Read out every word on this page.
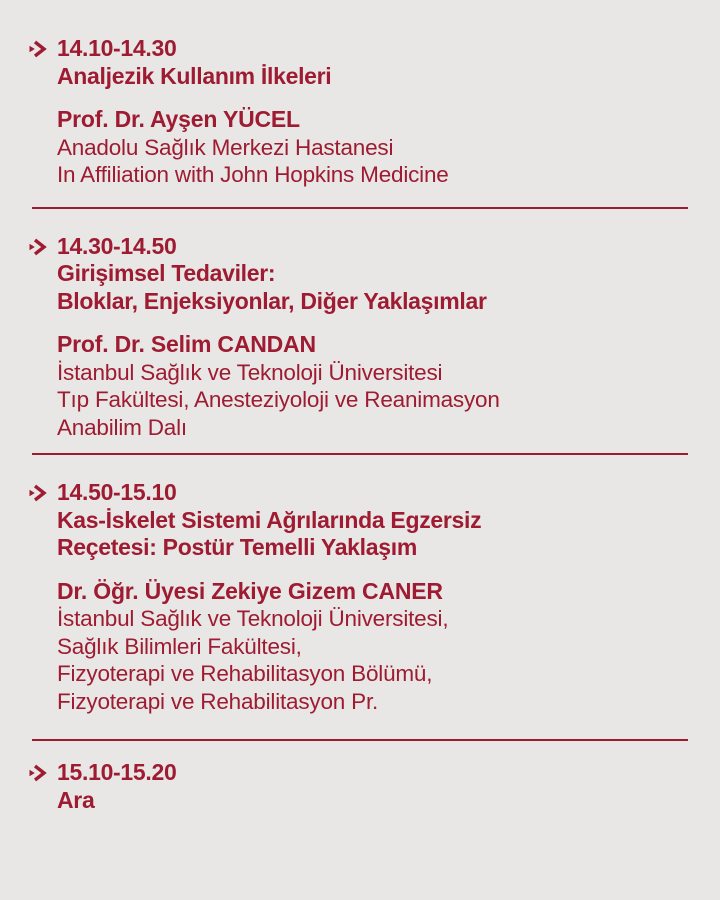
14.10-14.30
Analjezik Kullanım İlkeleri
Prof. Dr. Ayşen YÜCEL
Anadolu Sağlık Merkezi Hastanesi
In Affiliation with John Hopkins Medicine
14.30-14.50
Girişimsel Tedaviler:
Bloklar, Enjeksiyonlar, Diğer Yaklaşımlar
Prof. Dr. Selim CANDAN
İstanbul Sağlık ve Teknoloji Üniversitesi
Tıp Fakültesi, Anesteziyoloji ve Reanimasyon
Anabilim Dalı
14.50-15.10
Kas-İskelet Sistemi Ağrılarında Egzersiz
Reçetesi: Postür Temelli Yaklaşım
Dr. Öğr. Üyesi Zekiye Gizem CANER
İstanbul Sağlık ve Teknoloji Üniversitesi,
Sağlık Bilimleri Fakültesi,
Fizyoterapi ve Rehabilitasyon Bölümü,
Fizyoterapi ve Rehabilitasyon Pr.
15.10-15.20
Ara
